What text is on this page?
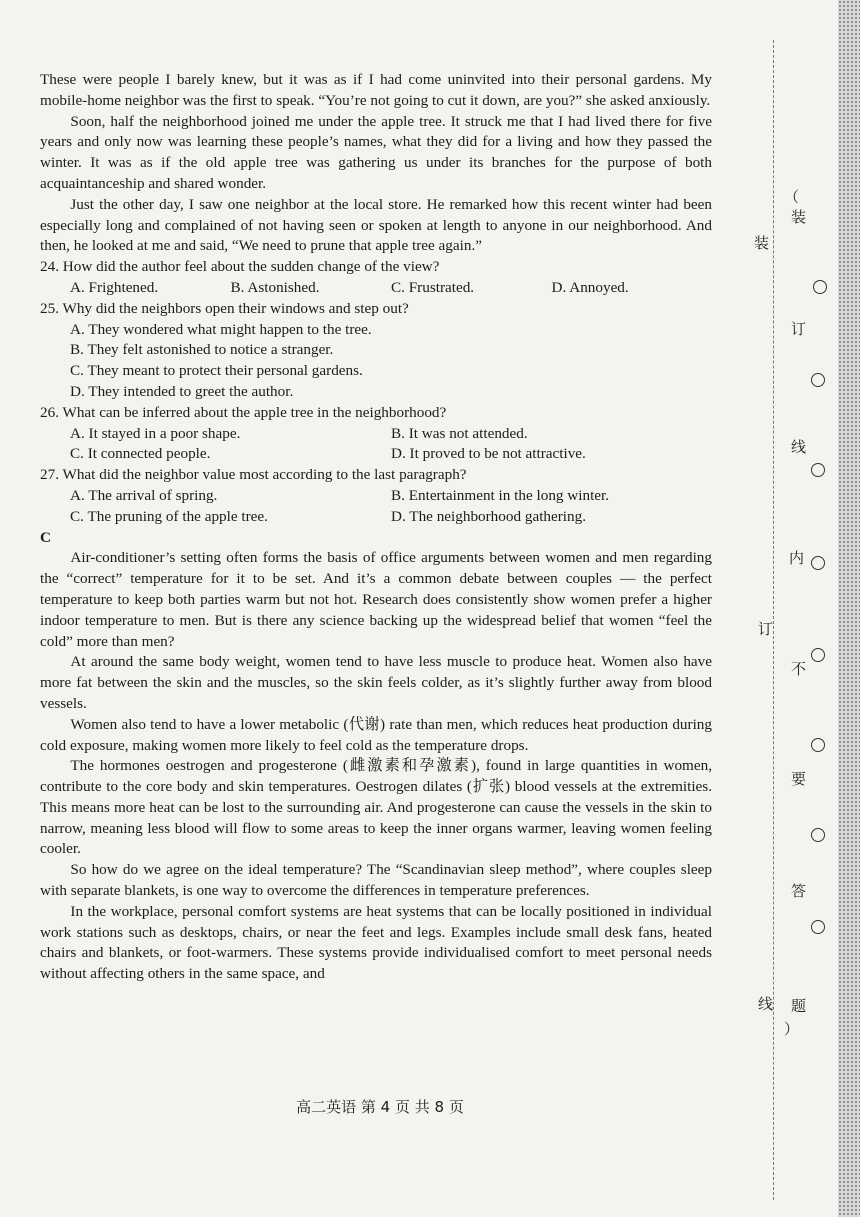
These were people I barely knew, but it was as if I had come uninvited into their personal gardens. My mobile-home neighbor was the first to speak. “You’re not going to cut it down, are you?” she asked anxiously.

Soon, half the neighborhood joined me under the apple tree. It struck me that I had lived there for five years and only now was learning these people’s names, what they did for a living and how they passed the winter. It was as if the old apple tree was gathering us under its branches for the purpose of both acquaintanceship and shared wonder.

Just the other day, I saw one neighbor at the local store. He remarked how this recent winter had been especially long and complained of not having seen or spoken at length to anyone in our neighborhood. And then, he looked at me and said, “We need to prune that apple tree again.”

24. How did the author feel about the sudden change of the view?

A. Frightened.	B. Astonished.	C. Frustrated.	D. Annoyed.

25. Why did the neighbors open their windows and step out?

A. They wondered what might happen to the tree.
B. They felt astonished to notice a stranger.
C. They meant to protect their personal gardens.
D. They intended to greet the author.

26. What can be inferred about the apple tree in the neighborhood?

A. It stayed in a poor shape.	B. It was not attended.
C. It connected people.	D. It proved to be not attractive.

27. What did the neighbor value most according to the last paragraph?

A. The arrival of spring.	B. Entertainment in the long winter.
C. The pruning of the apple tree.	D. The neighborhood gathering.

C

Air-conditioner’s setting often forms the basis of office arguments between women and men regarding the “correct” temperature for it to be set. And it’s a common debate between couples — the perfect temperature to keep both parties warm but not hot. Research does consistently show women prefer a higher indoor temperature to men. But is there any science backing up the widespread belief that women “feel the cold” more than men?

At around the same body weight, women tend to have less muscle to produce heat. Women also have more fat between the skin and the muscles, so the skin feels colder, as it’s slightly further away from blood vessels.

Women also tend to have a lower metabolic (代谢) rate than men, which reduces heat production during cold exposure, making women more likely to feel cold as the temperature drops.

The hormones oestrogen and progesterone (雌激素和孕激素), found in large quantities in women, contribute to the core body and skin temperatures. Oestrogen dilates (扩张) blood vessels at the extremities. This means more heat can be lost to the surrounding air. And progesterone can cause the vessels in the skin to narrow, meaning less blood will flow to some areas to keep the inner organs warmer, leaving women feeling cooler.

So how do we agree on the ideal temperature? The “Scandinavian sleep method”, where couples sleep with separate blankets, is one way to overcome the differences in temperature preferences.

In the workplace, personal comfort systems are heat systems that can be locally positioned in individual work stations such as desktops, chairs, or near the feet and legs. Examples include small desk fans, heated chairs and blankets, or foot-warmers. These systems provide individualised comfort to meet personal needs without affecting others in the same space, and

高二英语 第 4 页 共 8 页
（
装
装
订
线
内
订
不
要
答
线 题
）
